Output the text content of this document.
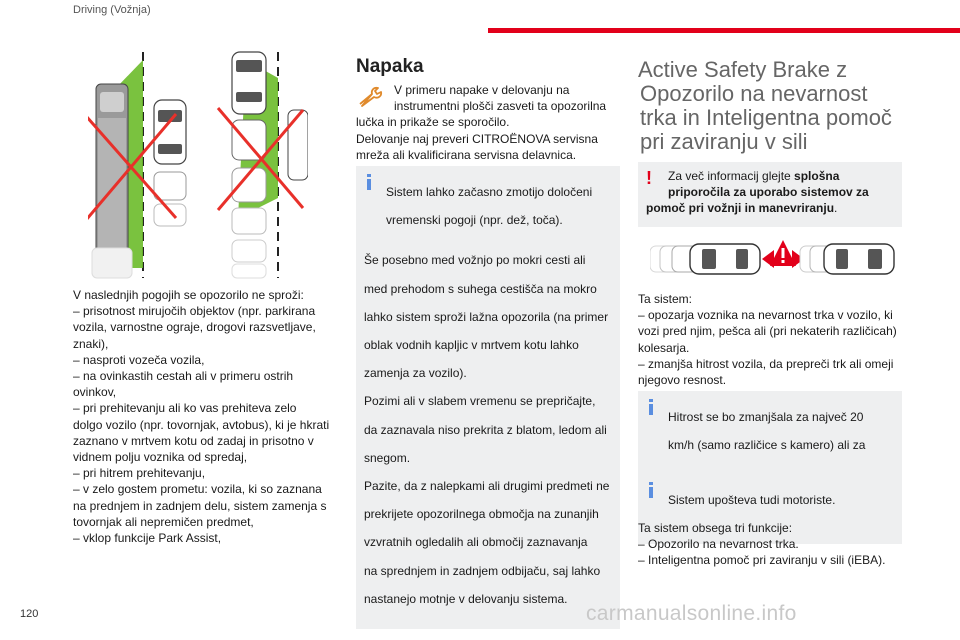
Driving (Vožnja)

V naslednjih pogojih se opozorilo ne sproži:

– prisotnost mirujočih objektov (npr. parkirana

vozila, varnostne ograje, drogovi razsvetljave,

znaki),

– nasproti vozeča vozila,

– na ovinkastih cestah ali v primeru ostrih

ovinkov,

– pri prehitevanju ali ko vas prehiteva zelo

dolgo vozilo (npr. tovornjak, avtobus), ki je hkrati

zaznano v mrtvem kotu od zadaj in prisotno v

vidnem polju voznika od spredaj,

– pri hitrem prehitevanju,

– v zelo gostem prometu: vozila, ki so zaznana

na prednjem in zadnjem delu, sistem zamenja s

tovornjak ali nepremičen predmet,

– vklop funkcije Park Assist,

Napaka

V primeru napake v delovanju na

instrumentni plošči zasveti ta opozorilna

lučka in prikaže se sporočilo.

Delovanje naj preveri CITROËNOVA servisna

mreža ali kvalificirana servisna delavnica.

Sistem lahko začasno zmotijo določeni

vremenski pogoji (npr. dež, toča).

Še posebno med vožnjo po mokri cesti ali

med prehodom s suhega cestišča na mokro

lahko sistem sproži lažna opozorila (na primer

oblak vodnih kapljic v mrtvem kotu lahko

zamenja za vozilo).

Pozimi ali v slabem vremenu se prepričajte,

da zaznavala niso prekrita z blatom, ledom ali

snegom.

Pazite, da z nalepkami ali drugimi predmeti ne

prekrijete opozorilnega območja na zunanjih

vzvratnih ogledalih ali območij zaznavanja

na sprednjem in zadnjem odbijaču, saj lahko

nastanejo motnje v delovanju sistema.

Active Safety Brake z
Opozorilo na nevarnost
trka in Inteligentna pomoč
pri zaviranju v sili
!	Za več informacij glejte splošna
priporočila za uporabo sistemov za
pomoč pri vožnji in manevriranju.

Ta sistem:

– opozarja voznika na nevarnost trka v vozilo, ki

vozi pred njim, pešca ali (pri nekaterih različicah)

kolesarja.

– zmanjša hitrost vozila, da prepreči trk ali omeji

njegovo resnost.

Hitrost se bo zmanjšala za največ 20

km/h (samo različice s kamero) ali za

Sistem upošteva tudi motoriste.

Ta sistem obsega tri funkcije:

– Opozorilo na nevarnost trka.

– Inteligentna pomoč pri zaviranju v sili (iEBA).

120	carmanualsonline.info
